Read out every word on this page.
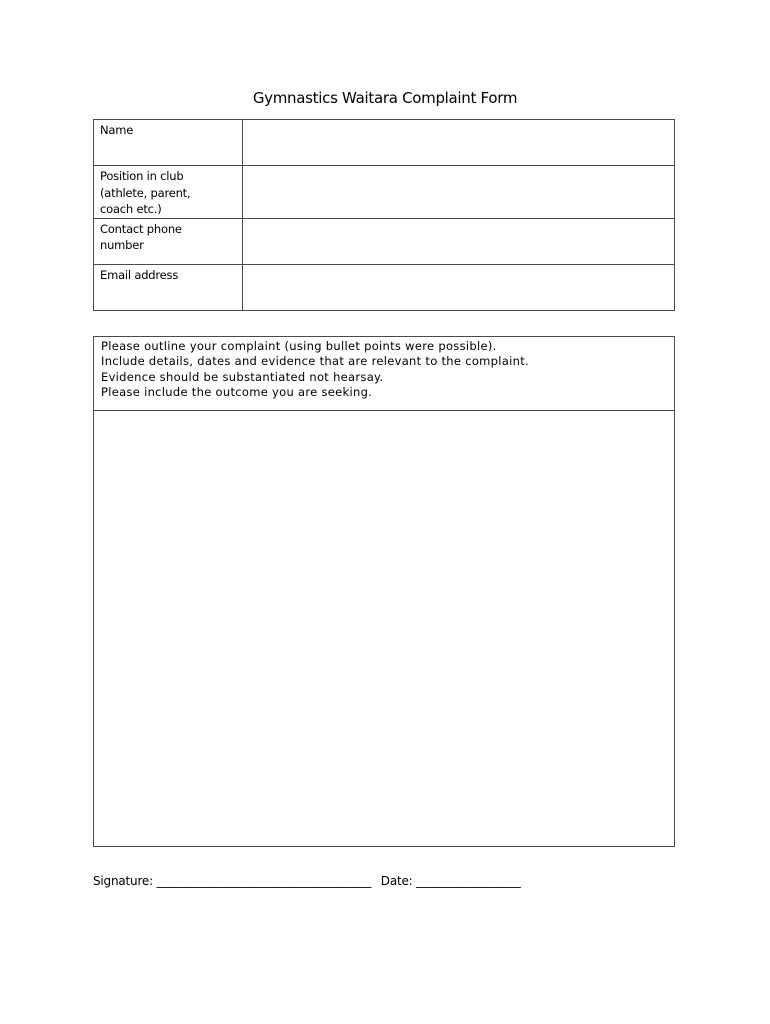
Gymnastics Waitara Complaint Form
Name	

Position in club
(athlete, parent,
coach etc.)	

Contact phone
number	

Email address	
Please outline your complaint (using bullet points were possible).
Include details, dates and evidence that are relevant to the complaint.
Evidence should be substantiated not hearsay.
Please include the outcome you are seeking.
Signature: _____________________________________ Date: __________________
